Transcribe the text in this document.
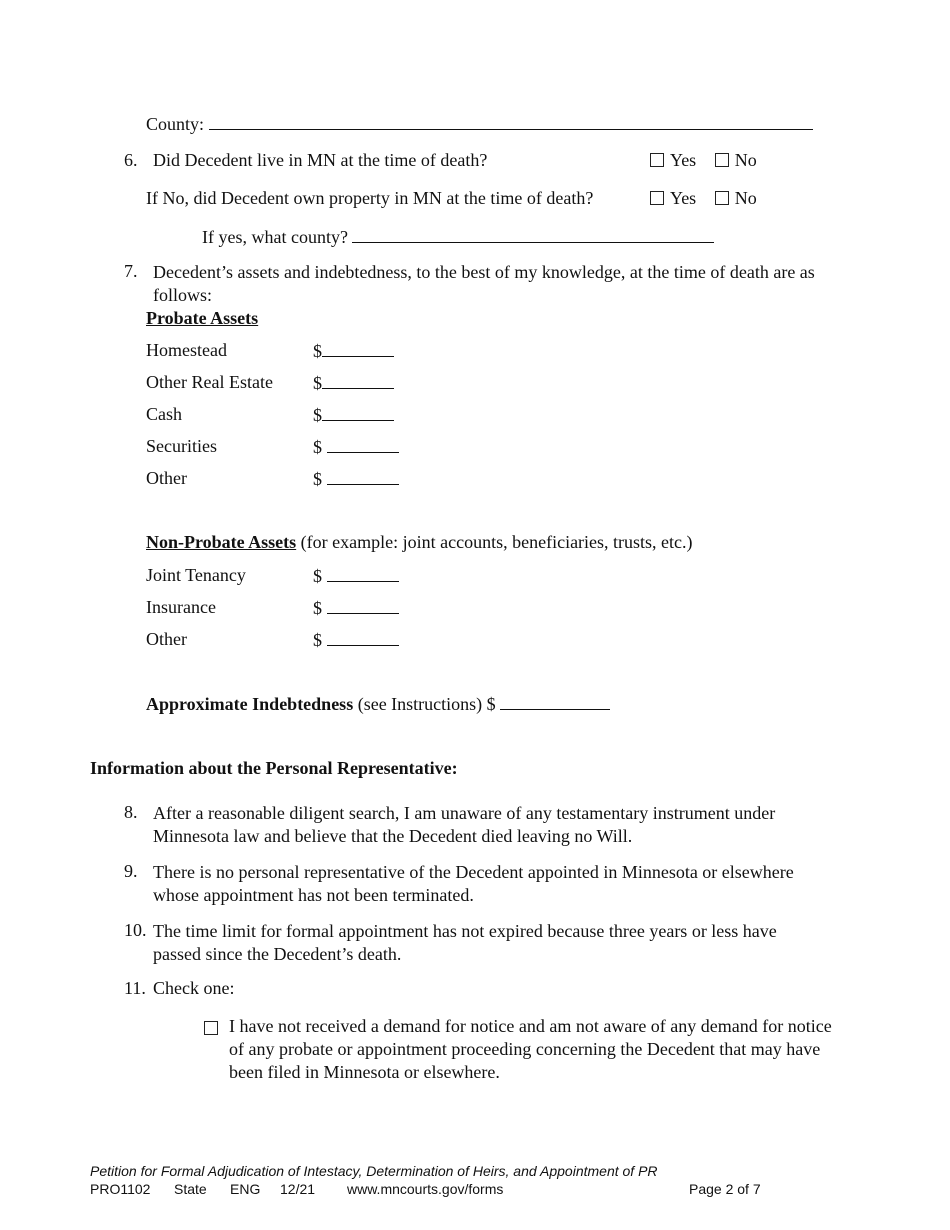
County:
6. Did Decedent live in MN at the time of death?	Yes No
If No, did Decedent own property in MN at the time of death?	Yes No
If yes, what county?
7. Decedent’s assets and indebtedness, to the best of my knowledge, at the time of death are as follows:
Probate Assets
Homestead	$
Other Real Estate $
Cash	$
Securities	$
Other	$
Non-Probate Assets (for example: joint accounts, beneficiaries, trusts, etc.)
Joint Tenancy	$
Insurance	$
Other	$
Approximate Indebtedness (see Instructions) $
Information about the Personal Representative:
8. After a reasonable diligent search, I am unaware of any testamentary instrument under Minnesota law and believe that the Decedent died leaving no Will.
9. There is no personal representative of the Decedent appointed in Minnesota or elsewhere whose appointment has not been terminated.
10. The time limit for formal appointment has not expired because three years or less have passed since the Decedent’s death.
11. Check one:
I have not received a demand for notice and am not aware of any demand for notice of any probate or appointment proceeding concerning the Decedent that may have been filed in Minnesota or elsewhere.
Petition for Formal Adjudication of Intestacy, Determination of Heirs, and Appointment of PR
PRO1102 State ENG 12/21 www.mncourts.gov/forms	Page 2 of 7
